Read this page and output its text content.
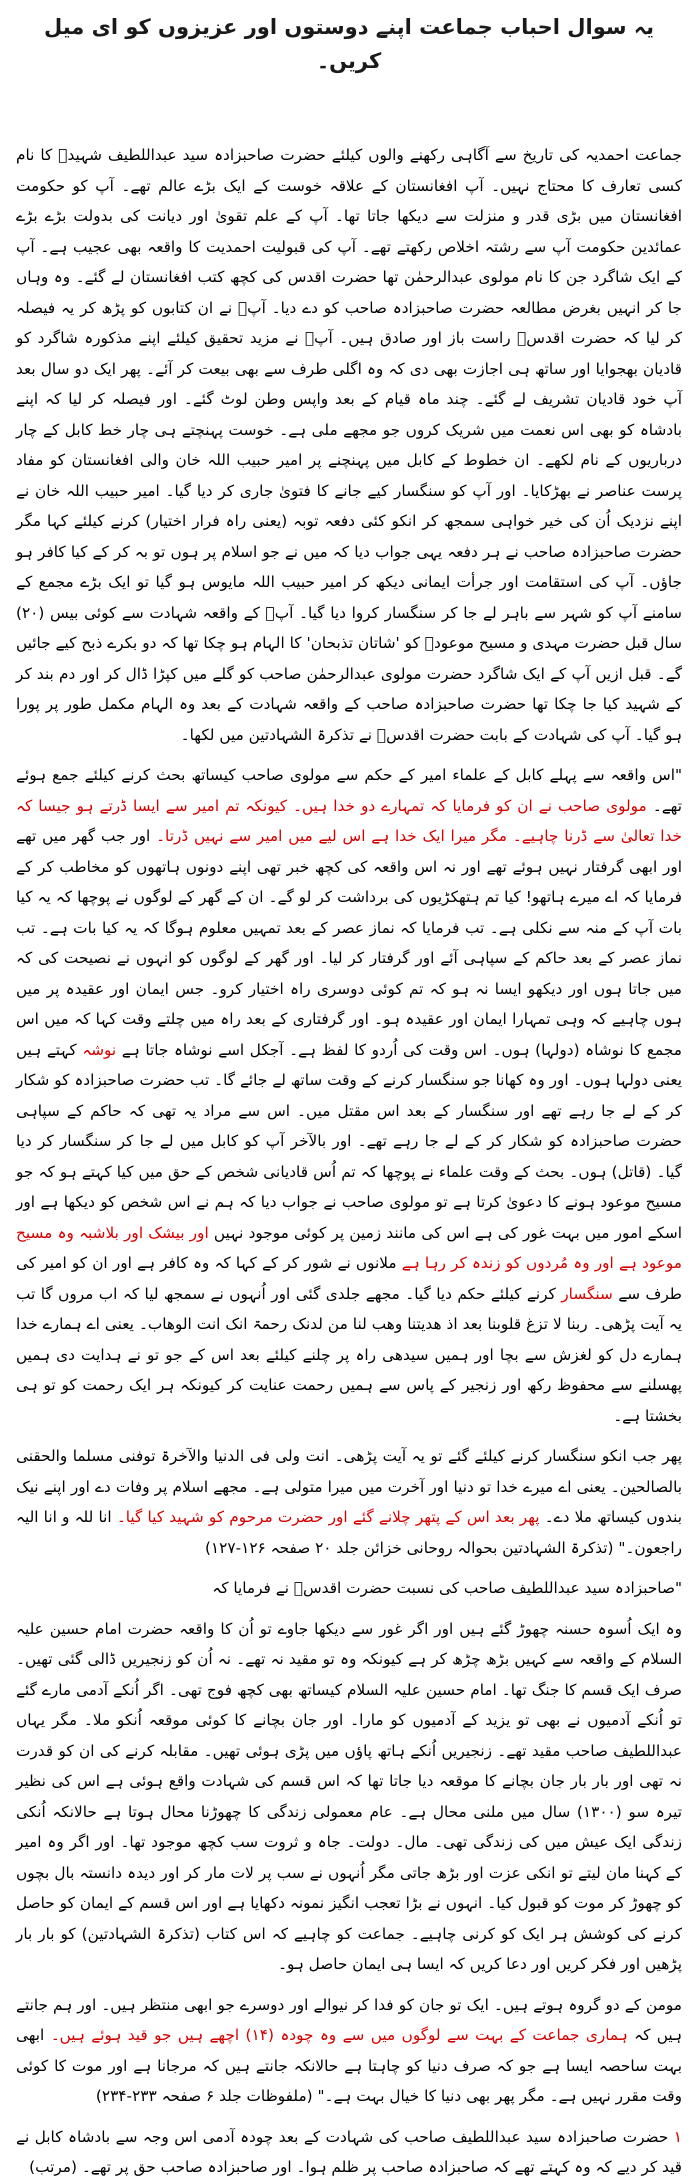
یہ سوال احباب جماعت اپنے دوستوں اور عزیزوں کو ای میل کریں۔

جماعت احمدیہ کی تاریخ سے آگاہی رکھنے والوں کیلئے حضرت صاحبزادہ سید عبداللطیف شہیدؓ کا نام کسی تعارف کا محتاج نہیں۔ آپ افغانستان کے علاقہ خوست کے ایک بڑے عالم تھے۔ آپ کو حکومت افغانستان میں بڑی قدر و منزلت سے دیکھا جاتا تھا۔ آپ کے علم تقویٰ اور دیانت کی بدولت بڑے بڑے عمائدین حکومت آپ سے رشتہ اخلاص رکھتے تھے۔ آپ کی قبولیت احمدیت کا واقعہ بھی عجیب ہے۔ آپ کے ایک شاگرد جن کا نام مولوی عبدالرحمٰن تھا حضرت اقدس کی کچھ کتب افغانستان لے گئے۔ وہ وہاں جا کر انہیں بغرض مطالعہ حضرت صاحبزادہ صاحب کو دے دیا۔ آپؓ نے ان کتابوں کو پڑھ کر یہ فیصلہ کر لیا کہ حضرت اقدسؑ راست باز اور صادق ہیں۔ آپؓ نے مزید تحقیق کیلئے اپنے مذکورہ شاگرد کو قادیان بھجوایا اور ساتھ ہی اجازت بھی دی کہ وہ اگلی طرف سے بھی بیعت کر آئے۔ پھر ایک دو سال بعد آپ خود قادیان تشریف لے گئے۔ چند ماہ قیام کے بعد واپس وطن لوٹ گئے۔ اور فیصلہ کر لیا کہ اپنے بادشاہ کو بھی اس نعمت میں شریک کروں جو مجھے ملی ہے۔ خوست پہنچتے ہی چار خط کابل کے چار درباریوں کے نام لکھے۔ ان خطوط کے کابل میں پہنچنے پر امیر حبیب اللہ خان والی افغانستان کو مفاد پرست عناصر نے بھڑکایا۔ اور آپ کو سنگسار کیے جانے کا فتویٰ جاری کر دیا گیا۔ امیر حبیب اللہ خان نے اپنے نزدیک اُن کی خیر خواہی سمجھ کر انکو کئی دفعہ توبہ (یعنی راہ فرار اختیار) کرنے کیلئے کہا مگر حضرت صاحبزادہ صاحب نے ہر دفعہ یہی جواب دیا کہ میں نے جو اسلام پر ہوں تو بہ کر کے کیا کافر ہو جاؤں۔ آپ کی استقامت اور جرأت ایمانی دیکھ کر امیر حبیب اللہ مایوس ہو گیا تو ایک بڑے مجمع کے سامنے آپ کو شہر سے باہر لے جا کر سنگسار کروا دیا گیا۔ آپؓ کے واقعہ شہادت سے کوئی بیس (۲۰) سال قبل حضرت مہدی و مسیح موعودؑ کو 'شاتان تذبحان' کا الہام ہو چکا تھا کہ دو بکرے ذبح کیے جائیں گے۔ قبل ازیں آپ کے ایک شاگرد حضرت مولوی عبدالرحمٰن صاحب کو گلے میں کپڑا ڈال کر اور دم بند کر کے شہید کیا جا چکا تھا حضرت صاحبزادہ صاحب کے واقعہ شہادت کے بعد وہ الہام مکمل طور پر پورا ہو گیا۔ آپ کی شہادت کے بابت حضرت اقدسؑ نے تذکرۃ الشہادتین میں لکھا۔

"اس واقعہ سے پہلے کابل کے علماء امیر کے حکم سے مولوی صاحب کیساتھ بحث کرنے کیلئے جمع ہوئے تھے۔ مولوی صاحب نے ان کو فرمایا کہ تمہارے دو خدا ہیں۔ کیونکہ تم امیر سے ایسا ڈرتے ہو جیسا کہ خدا تعالیٰ سے ڈرنا چاہیے۔ مگر میرا ایک خدا ہے اس لیے میں امیر سے نہیں ڈرتا۔ اور جب گھر میں تھے اور ابھی گرفتار نہیں ہوئے تھے اور نہ اس واقعہ کی کچھ خبر تھی اپنے دونوں ہاتھوں کو مخاطب کر کے فرمایا کہ اے میرے ہاتھو! کیا تم ہتھکڑیوں کی برداشت کر لو گے۔ ان کے گھر کے لوگوں نے پوچھا کہ یہ کیا بات آپ کے منہ سے نکلی ہے۔ تب فرمایا کہ نماز عصر کے بعد تمہیں معلوم ہوگا کہ یہ کیا بات ہے۔ تب نماز عصر کے بعد حاکم کے سپاہی آئے اور گرفتار کر لیا۔ اور گھر کے لوگوں کو انہوں نے نصیحت کی کہ میں جاتا ہوں اور دیکھو ایسا نہ ہو کہ تم کوئی دوسری راہ اختیار کرو۔ جس ایمان اور عقیدہ پر میں ہوں چاہیے کہ وہی تمہارا ایمان اور عقیدہ ہو۔ اور گرفتاری کے بعد راہ میں چلتے وقت کہا کہ میں اس مجمع کا نوشاہ (دولہا) ہوں۔ اس وقت کی اُردو کا لفظ ہے۔ آجکل اسے نوشاہ جاتا ہے نوشہ کہتے ہیں یعنی دولہا ہوں۔ اور وہ کھانا جو سنگسار کرنے کے وقت ساتھ لے جائے گا۔ تب حضرت صاحبزادہ کو شکار کر کے لے جا رہے تھے اور سنگسار کے بعد اس مقتل میں۔ اس سے مراد یہ تھی کہ حاکم کے سپاہی حضرت صاحبزادہ کو شکار کر کے لے جا رہے تھے۔ اور بالآخر آپ کو کابل میں لے جا کر سنگسار کر دیا گیا۔ (قاتل) ہوں۔ بحث کے وقت علماء نے پوچھا کہ تم اُس قادیانی شخص کے حق میں کیا کہتے ہو کہ جو مسیح موعود ہونے کا دعویٰ کرتا ہے تو مولوی صاحب نے جواب دیا کہ ہم نے اس شخص کو دیکھا ہے اور اسکے امور میں بہت غور کی ہے اس کی مانند زمین پر کوئی موجود نہیں اور بیشک اور بلاشبہ وہ مسیح موعود ہے اور وہ مُردوں کو زندہ کر رہا ہے ملانوں نے شور کر کے کہا کہ وہ کافر ہے اور ان کو امیر کی طرف سے سنگسار کرنے کیلئے حکم دیا گیا۔ مجھے جلدی گئی اور اُنہوں نے سمجھ لیا کہ اب مروں گا تب یہ آیت پڑھی۔ ربنا لا تزغ قلوبنا بعد اذ ھدیتنا وھب لنا من لدنک رحمۃ انک انت الوھاب۔ یعنی اے ہمارے خدا ہمارے دل کو لغزش سے بچا اور ہمیں سیدھی راہ پر چلنے کیلئے بعد اس کے جو تو نے ہدایت دی ہمیں پھسلنے سے محفوظ رکھ اور زنجیر کے پاس سے ہمیں رحمت عنایت کر کیونکہ ہر ایک رحمت کو تو ہی بخشتا ہے۔

پھر جب انکو سنگسار کرنے کیلئے گئے تو یہ آیت پڑھی۔ انت ولی فی الدنیا والآخرۃ توفنی مسلما والحقنی بالصالحین۔ یعنی اے میرے خدا تو دنیا اور آخرت میں میرا متولی ہے۔ مجھے اسلام پر وفات دے اور اپنے نیک بندوں کیساتھ ملا دے۔ پھر بعد اس کے پتھر چلانے گئے اور حضرت مرحوم کو شہید کیا گیا۔ انا للہ و انا الیہ راجعون۔" (تذکرۃ الشہادتین بحوالہ روحانی خزائن جلد ۲۰ صفحہ ۱۲۶-۱۲۷)

"صاحبزادہ سید عبداللطیف صاحب کی نسبت حضرت اقدسؑ نے فرمایا کہ

وہ ایک اُسوہ حسنہ چھوڑ گئے ہیں اور اگر غور سے دیکھا جاوے تو اُن کا واقعہ حضرت امام حسین علیہ السلام کے واقعہ سے کہیں بڑھ چڑھ کر ہے کیونکہ وہ تو مقید نہ تھے۔ نہ اُن کو زنجیریں ڈالی گئی تھیں۔ صرف ایک قسم کا جنگ تھا۔ امام حسین علیہ السلام کیساتھ بھی کچھ فوج تھی۔ اگر اُنکے آدمی مارے گئے تو اُنکے آدمیوں نے بھی تو یزید کے آدمیوں کو مارا۔ اور جان بچانے کا کوئی موقعہ اُنکو ملا۔ مگر یہاں عبداللطیف صاحب مقید تھے۔ زنجیریں اُنکے ہاتھ پاؤں میں پڑی ہوئی تھیں۔ مقابلہ کرنے کی ان کو قدرت نہ تھی اور بار بار جان بچانے کا موقعہ دیا جاتا تھا کہ اس قسم کی شہادت واقع ہوئی ہے اس کی نظیر تیرہ سو (۱۳۰۰) سال میں ملنی محال ہے۔ عام معمولی زندگی کا چھوڑنا محال ہوتا ہے حالانکہ اُنکی زندگی ایک عیش میں کی زندگی تھی۔ مال۔ دولت۔ جاہ و ثروت سب کچھ موجود تھا۔ اور اگر وہ امیر کے کہنا مان لیتے تو انکی عزت اور بڑھ جاتی مگر اُنہوں نے سب پر لات مار کر اور دیدہ دانستہ بال بچوں کو چھوڑ کر موت کو قبول کیا۔ انہوں نے بڑا تعجب انگیز نمونہ دکھایا ہے اور اس قسم کے ایمان کو حاصل کرنے کی کوشش ہر ایک کو کرنی چاہیے۔ جماعت کو چاہیے کہ اس کتاب (تذکرۃ الشہادتین) کو بار بار پڑھیں اور فکر کریں اور دعا کریں کہ ایسا ہی ایمان حاصل ہو۔

مومن کے دو گروہ ہوتے ہیں۔ ایک تو جان کو فدا کر نیوالے اور دوسرے جو ابھی منتظر ہیں۔ اور ہم جانتے ہیں کہ ہماری جماعت کے بہت سے لوگوں میں سے وہ چودہ (۱۴) اچھے ہیں جو قید ہوئے ہیں۔ ابھی بہت ساحصہ ایسا ہے جو کہ صرف دنیا کو چاہتا ہے حالانکہ جانتے ہیں کہ مرجانا ہے اور موت کا کوئی وقت مقرر نہیں ہے۔ مگر پھر بھی دنیا کا خیال بہت ہے۔" (ملفوظات جلد ۶ صفحہ ۲۳۳-۲۳۴)

۱ حضرت صاحبزادہ سید عبداللطیف صاحب کی شہادت کے بعد چودہ آدمی اس وجہ سے بادشاہ کابل نے قید کر دیے کہ وہ کہتے تھے کہ صاحبزادہ صاحب پر ظلم ہوا۔ اور صاحبزادہ صاحب حق پر تھے۔ (مرتب)
